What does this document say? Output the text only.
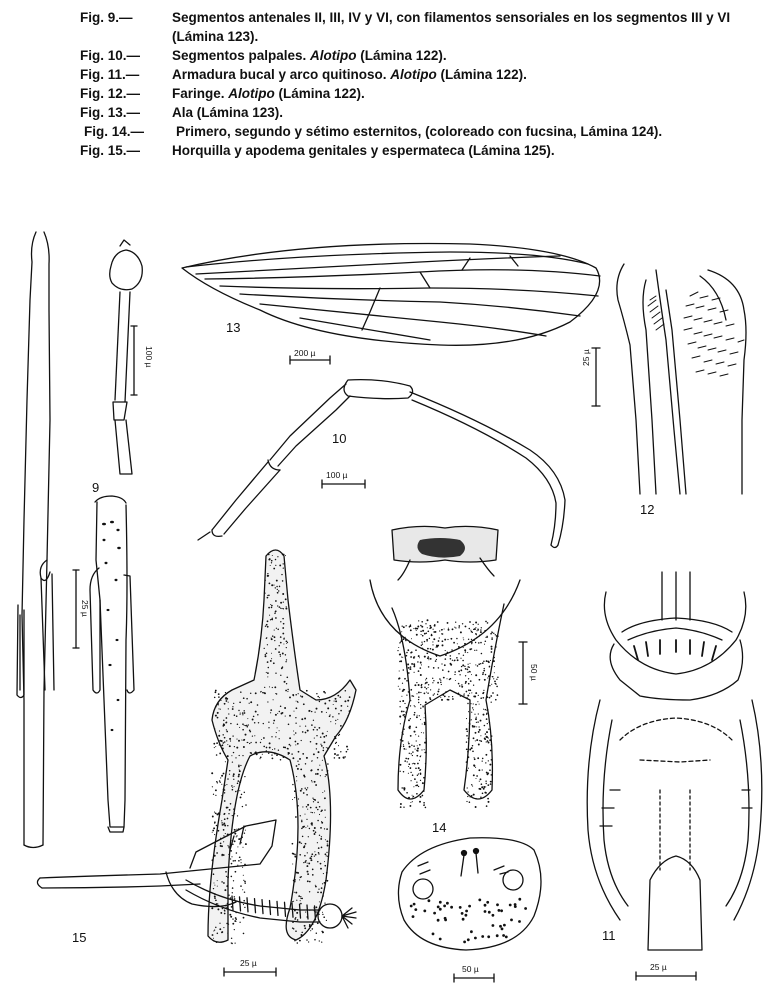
Fig. 9.—	Segmentos antenales II, III, IV y VI, con filamentos sensoriales en los segmentos III y VI (Lámina 123).
Fig. 10.—	Segmentos palpales. Alotipo (Lámina 122).
Fig. 11.—	Armadura bucal y arco quitinoso. Alotipo (Lámina 122).
Fig. 12.—	Faringe. Alotipo (Lámina 122).
Fig. 13.—	Ala (Lámina 123).
Fig. 14.—	Primero, segundo y sétimo esternitos, (coloreado con fucsina, Lámina 124).
Fig. 15.—	Horquilla y apodema genitales y espermateca (Lámina 125).
9
10
11
12
13
14
15
25 µ
100 µ
100 µ
25 µ
25 µ
200 µ
50 µ
50 µ
25 µ
